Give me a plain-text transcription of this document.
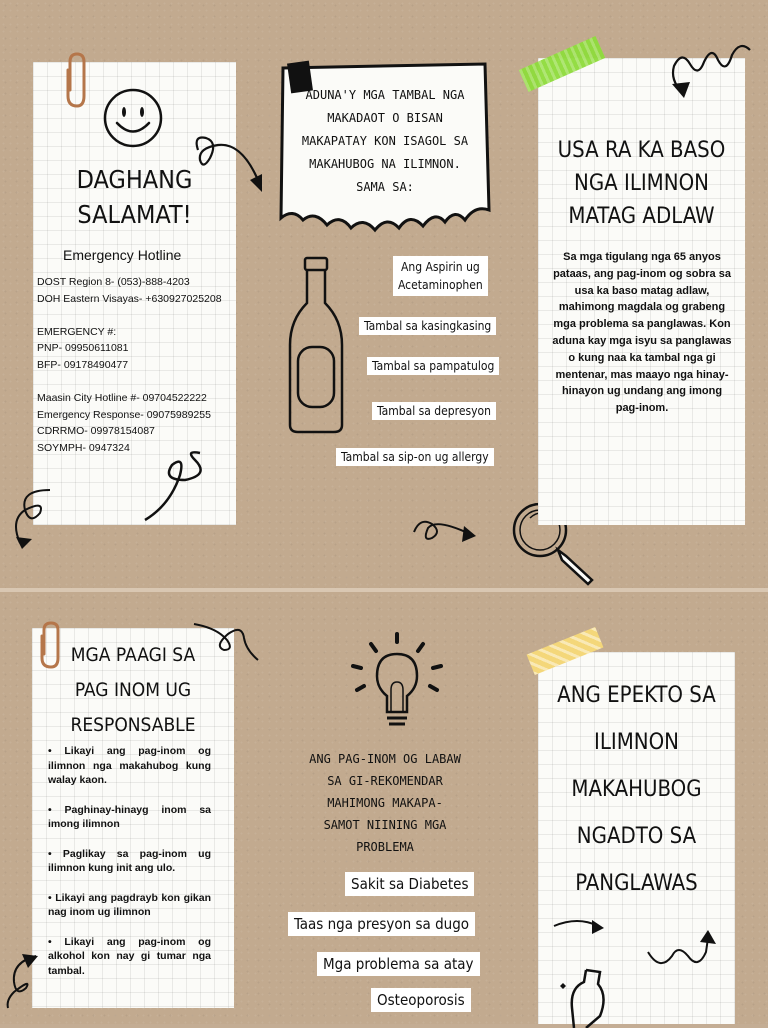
DAGHANG
SALAMAT!
Emergency Hotline
DOST Region 8- (053)-888-4203
DOH Eastern Visayas- +630927025208

EMERGENCY #:
PNP- 09950611081
BFP- 09178490477

Maasin City Hotline #- 09704522222
Emergency Response- 09075989255
CDRRMO- 09978154087
SOYMPH- 0947324
ADUNA'Y MGA TAMBAL NGA
MAKADAOT O BISAN
MAKAPATAY KON ISAGOL SA
MAKAHUBOG NA ILIMNON.
SAMA SA:
Ang Aspirin ug
Acetaminophen
Tambal sa kasingkasing
Tambal sa pampatulog
Tambal sa depresyon
Tambal sa sip-on ug allergy
USA RA KA BASO
NGA ILIMNON
MATAG ADLAW
Sa mga tigulang nga 65 anyos pataas, ang pag-inom og sobra sa usa ka baso matag adlaw, mahimong magdala og grabeng mga problema sa panglawas. Kon aduna kay mga isyu sa panglawas o kung naa ka tambal nga gi mentenar, mas maayo nga hinay-hinayon ug undang ang imong pag-inom.
MGA PAAGI SA
PAG INOM UG
RESPONSABLE
• Likayi ang pag-inom og ilimnon nga makahubog kung walay kaon.
• Paghinay-hinayg inom sa imong ilimnon
• Paglikay sa pag-inom ug ilimnon kung init ang ulo.
• Likayi ang pagdrayb kon gikan nag inom ug ilimnon
• Likayi ang pag-inom og alkohol kon nay gi tumar nga tambal.
ANG PAG-INOM OG LABAW
SA GI-REKOMENDAR
MAHIMONG MAKAPA-
SAMOT NIINING MGA
PROBLEMA
Sakit sa Diabetes
Taas nga presyon sa dugo
Mga problema sa atay
Osteoporosis
ANG EPEKTO SA
ILIMNON
MAKAHUBOG
NGADTO SA
PANGLAWAS
